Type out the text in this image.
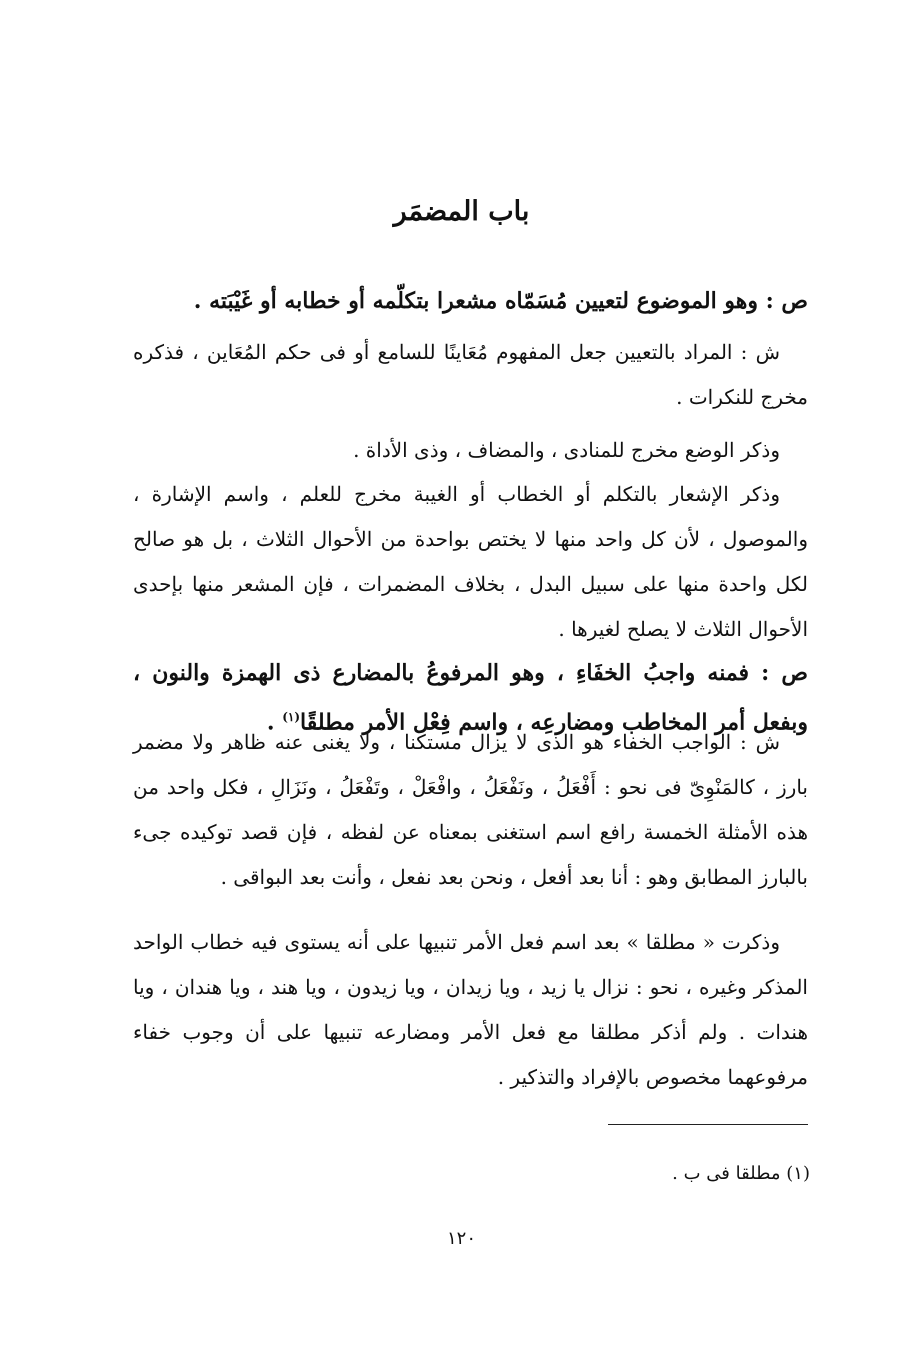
باب المضمَر
ص : وهو الموضوع لتعيين مُسَمّاه مشعرا بتكلّمه أو خطابه أو غَيْبَته .
ش : المراد بالتعيين جعل المفهوم مُعَاينًا للسامع أو فى حكم المُعَاين ، فذكره مخرج للنكرات .
وذكر الوضع مخرج للمنادى ، والمضاف ، وذى الأداة .
وذكر الإشعار بالتكلم أو الخطاب أو الغيبة مخرج للعلم ، واسم الإشارة ، والموصول ، لأن كل واحد منها لا يختص بواحدة من الأحوال الثلاث ، بل هو صالح لكل واحدة منها على سبيل البدل ، بخلاف المضمرات ، فإن المشعر منها بإحدى الأحوال الثلاث لا يصلح لغيرها .
ص : فمنه واجبُ الخفَاءِ ، وهو المرفوعُ بالمضارع ذى الهمزة والنون ، وبفعل أمر المخاطب ومضارعِه ، واسم فِعْل الأمر مطلقًا$^{(١)}$ .
ش : الواجب الخفاء هو الذى لا يزال مستكنا ، ولا يغنى عنه ظاهر ولا مضمر بارز ، كالمَنْوِىّ فى نحو : أَفْعَلُ ، ونَفْعَلُ ، وافْعَلْ ، وتَفْعَلُ ، ونَزَالِ ، فكل واحد من هذه الأمثلة الخمسة رافع اسم استغنى بمعناه عن لفظه ، فإن قصد توكيده جىء بالبارز المطابق وهو : أنا بعد أفعل ، ونحن بعد نفعل ، وأنت بعد البواقى .
وذكرت « مطلقا » بعد اسم فعل الأمر تنبيها على أنه يستوى فيه خطاب الواحد المذكر وغيره ، نحو : نزال يا زيد ، ويا زيدان ، ويا زيدون ، ويا هند ، ويا هندان ، ويا هندات . ولم أذكر مطلقا مع فعل الأمر ومضارعه تنبيها على أن وجوب خفاء مرفوعهما مخصوص بالإفراد والتذكير .
(١) مطلقا فى ب .
١٢٠
